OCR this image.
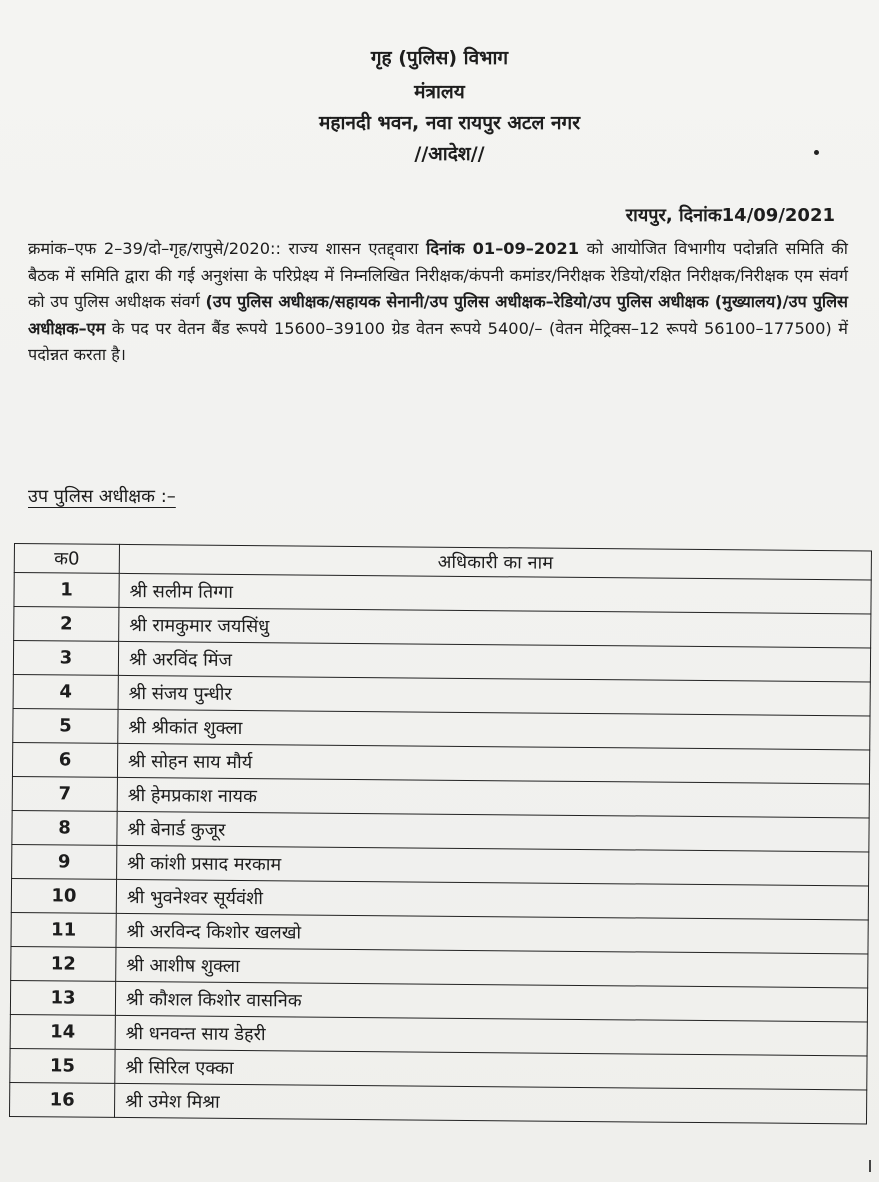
गृह (पुलिस) विभाग
मंत्रालय
महानदी भवन, नवा रायपुर अटल नगर
//आदेश//
रायपुर, दिनांक14/09/2021
क्रमांक–एफ 2–39/दो–गृह/रापुसे/2020:: राज्य शासन एतद्द्वारा दिनांक 01–09–2021 को आयोजित विभागीय पदोन्नति समिति की बैठक में समिति द्वारा की गई अनुशंसा के परिप्रेक्ष्य में निम्नलिखित निरीक्षक/कंपनी कमांडर/निरीक्षक रेडियो/रक्षित निरीक्षक/निरीक्षक एम संवर्ग को उप पुलिस अधीक्षक संवर्ग (उप पुलिस अधीक्षक/सहायक सेनानी/उप पुलिस अधीक्षक–रेडियो/उप पुलिस अधीक्षक (मुख्यालय)/उप पुलिस अधीक्षक–एम के पद पर वेतन बैंड रूपये 15600–39100 ग्रेड वेतन रूपये 5400/– (वेतन मेट्रिक्स–12 रूपये 56100–177500) में पदोन्नत करता है।
उप पुलिस अधीक्षक :–
क0	अधिकारी का नाम
1	श्री सलीम तिग्गा
2	श्री रामकुमार जयसिंधु
3	श्री अरविंद मिंज
4	श्री संजय पुन्धीर
5	श्री श्रीकांत शुक्ला
6	श्री सोहन साय मौर्य
7	श्री हेमप्रकाश नायक
8	श्री बेनार्ड कुजूर
9	श्री कांशी प्रसाद मरकाम
10	श्री भुवनेश्वर सूर्यवंशी
11	श्री अरविन्द किशोर खलखो
12	श्री आशीष शुक्ला
13	श्री कौशल किशोर वासनिक
14	श्री धनवन्त साय डेहरी
15	श्री सिरिल एक्का
16	श्री उमेश मिश्रा
